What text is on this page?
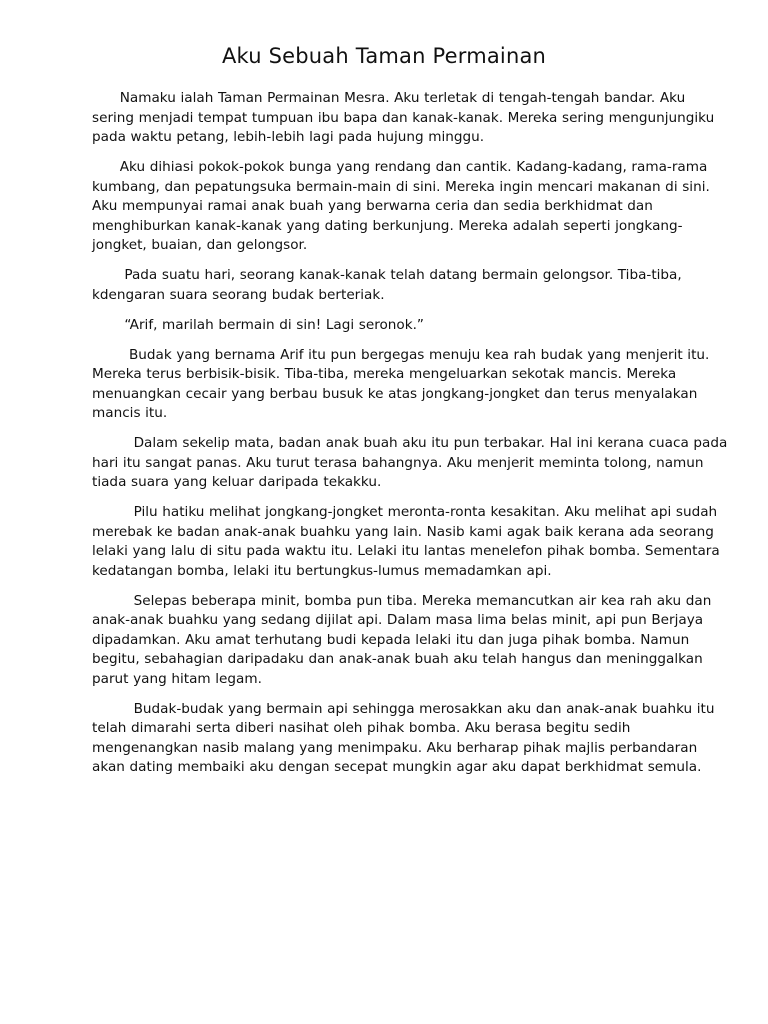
Aku Sebuah Taman Permainan

Namaku ialah Taman Permainan Mesra. Aku terletak di tengah-tengah bandar. Aku
sering menjadi tempat tumpuan ibu bapa dan kanak-kanak. Mereka sering mengunjungiku
pada waktu petang, lebih-lebih lagi pada hujung minggu.

Aku dihiasi pokok-pokok bunga yang rendang dan cantik. Kadang-kadang, rama-rama
kumbang, dan pepatungsuka bermain-main di sini. Mereka ingin mencari makanan di sini.
Aku mempunyai ramai anak buah yang berwarna ceria dan sedia berkhidmat dan
menghiburkan kanak-kanak yang dating berkunjung. Mereka adalah seperti jongkang-
jongket, buaian, dan gelongsor.

Pada suatu hari, seorang kanak-kanak telah datang bermain gelongsor. Tiba-tiba,
kdengaran suara seorang budak berteriak.

“Arif, marilah bermain di sin! Lagi seronok.”

Budak yang bernama Arif itu pun bergegas menuju kea rah budak yang menjerit itu.
Mereka terus berbisik-bisik. Tiba-tiba, mereka mengeluarkan sekotak mancis. Mereka
menuangkan cecair yang berbau busuk ke atas jongkang-jongket dan terus menyalakan
mancis itu.

Dalam sekelip mata, badan anak buah aku itu pun terbakar. Hal ini kerana cuaca pada
hari itu sangat panas. Aku turut terasa bahangnya. Aku menjerit meminta tolong, namun
tiada suara yang keluar daripada tekakku.

Pilu hatiku melihat jongkang-jongket meronta-ronta kesakitan. Aku melihat api sudah
merebak ke badan anak-anak buahku yang lain. Nasib kami agak baik kerana ada seorang
lelaki yang lalu di situ pada waktu itu. Lelaki itu lantas menelefon pihak bomba. Sementara
kedatangan bomba, lelaki itu bertungkus-lumus memadamkan api.

Selepas beberapa minit, bomba pun tiba. Mereka memancutkan air kea rah aku dan
anak-anak buahku yang sedang dijilat api. Dalam masa lima belas minit, api pun Berjaya
dipadamkan. Aku amat terhutang budi kepada lelaki itu dan juga pihak bomba. Namun
begitu, sebahagian daripadaku dan anak-anak buah aku telah hangus dan meninggalkan
parut yang hitam legam.

Budak-budak yang bermain api sehingga merosakkan aku dan anak-anak buahku itu
telah dimarahi serta diberi nasihat oleh pihak bomba. Aku berasa begitu sedih
mengenangkan nasib malang yang menimpaku. Aku berharap pihak majlis perbandaran
akan dating membaiki aku dengan secepat mungkin agar aku dapat berkhidmat semula.
